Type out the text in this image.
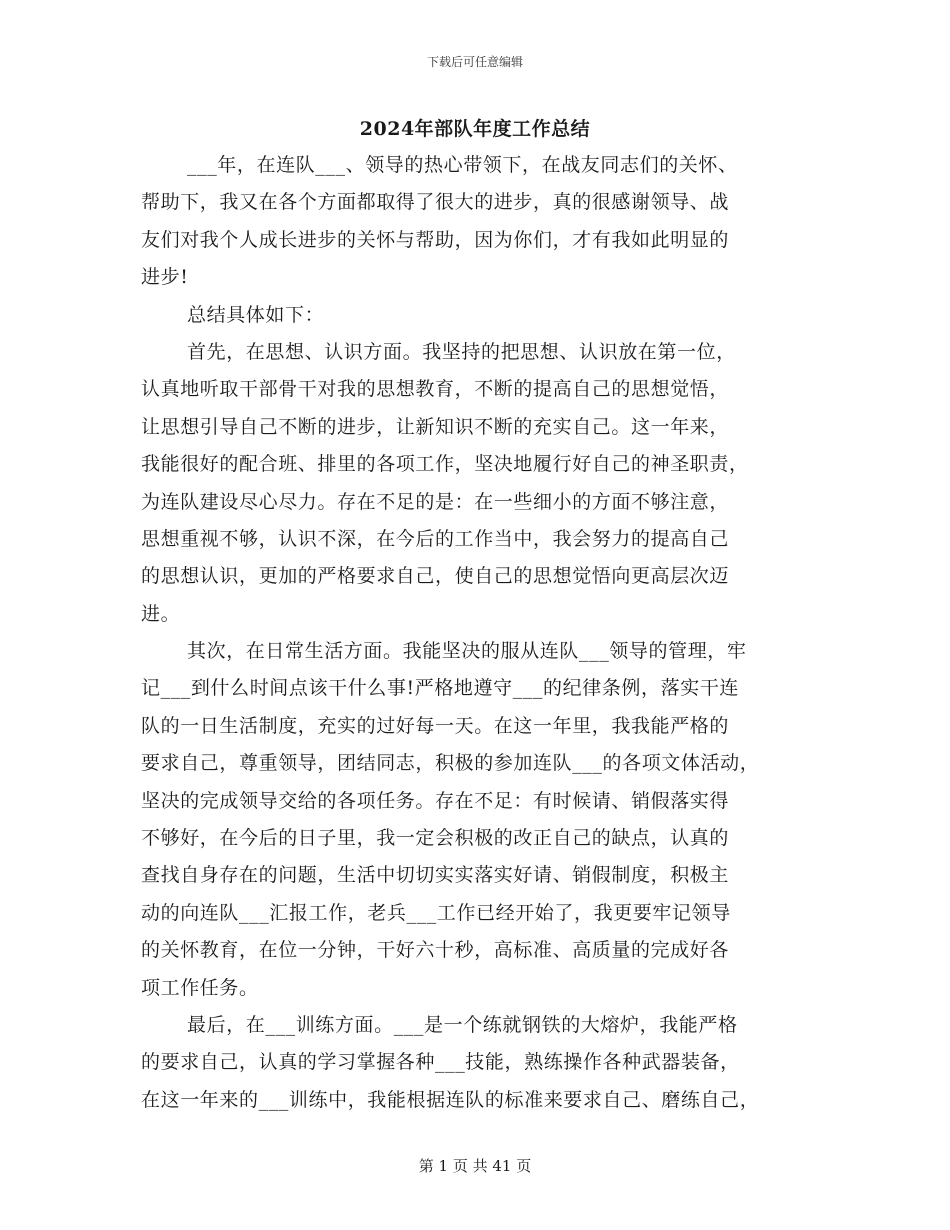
下载后可任意编辑
2024年部队年度工作总结
___年，在连队___、领导的热心带领下，在战友同志们的关怀、
帮助下，我又在各个方面都取得了很大的进步，真的很感谢领导、战
友们对我个人成长进步的关怀与帮助，因为你们，才有我如此明显的
进步!
总结具体如下：
首先，在思想、认识方面。我坚持的把思想、认识放在第一位，
认真地听取干部骨干对我的思想教育，不断的提高自己的思想觉悟，
让思想引导自己不断的进步，让新知识不断的充实自己。这一年来，
我能很好的配合班、排里的各项工作，坚决地履行好自己的神圣职责，
为连队建设尽心尽力。存在不足的是：在一些细小的方面不够注意，
思想重视不够，认识不深，在今后的工作当中，我会努力的提高自己
的思想认识，更加的严格要求自己，使自己的思想觉悟向更高层次迈
进。
其次，在日常生活方面。我能坚决的服从连队___领导的管理，牢
记___到什么时间点该干什么事!严格地遵守___的纪律条例，落实干连
队的一日生活制度，充实的过好每一天。在这一年里，我我能严格的
要求自己，尊重领导，团结同志，积极的参加连队___的各项文体活动，
坚决的完成领导交给的各项任务。存在不足：有时候请、销假落实得
不够好，在今后的日子里，我一定会积极的改正自己的缺点，认真的
查找自身存在的问题，生活中切切实实落实好请、销假制度，积极主
动的向连队___汇报工作，老兵___工作已经开始了，我更要牢记领导
的关怀教育，在位一分钟，干好六十秒，高标准、高质量的完成好各
项工作任务。
最后，在___训练方面。___是一个练就钢铁的大熔炉，我能严格
的要求自己，认真的学习掌握各种___技能，熟练操作各种武器装备，
在这一年来的___训练中，我能根据连队的标准来要求自己、磨练自己，
第 1 页 共 41 页
